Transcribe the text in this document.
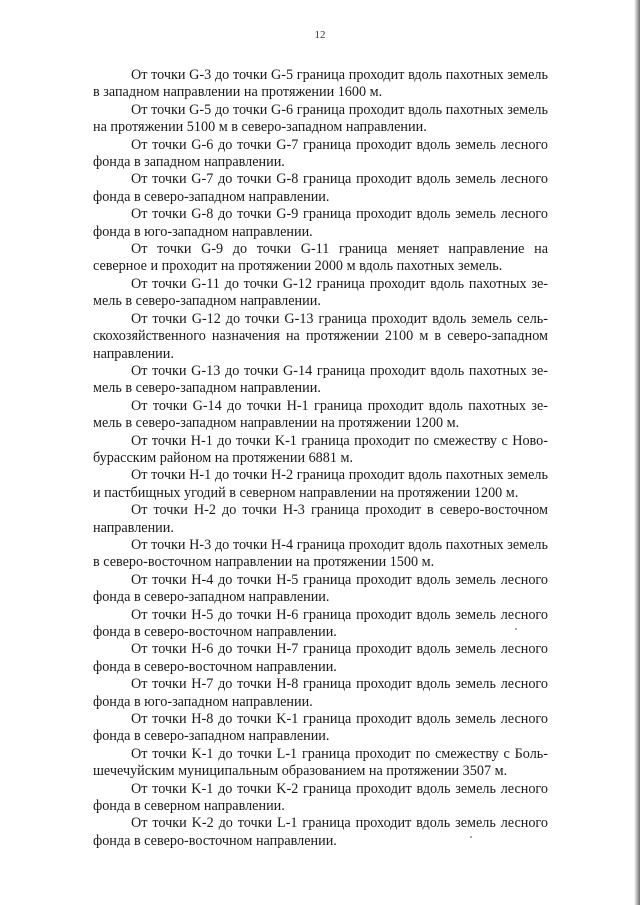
12

От точки G-3 до точки G-5 граница проходит вдоль пахотных земель в западном направлении на протяжении 1600 м.

От точки G-5 до точки G-6 граница проходит вдоль пахотных земель на протяжении 5100 м в северо-западном направлении.

От точки G-6 до точки G-7 граница проходит вдоль земель лесного фонда в западном направлении.

От точки G-7 до точки G-8 граница проходит вдоль земель лесного фонда в северо-западном направлении.

От точки G-8 до точки G-9 граница проходит вдоль земель лесного фонда в юго-западном направлении.

От точки G-9 до точки G-11 граница меняет направление на северное и проходит на протяжении 2000 м вдоль пахотных земель.

От точки G-11 до точки G-12 граница проходит вдоль пахотных земель в северо-западном направлении.

От точки G-12 до точки G-13 граница проходит вдоль земель сельскохозяйственного назначения на протяжении 2100 м в северо-западном направлении.

От точки G-13 до точки G-14 граница проходит вдоль пахотных земель в северо-западном направлении.

От точки G-14 до точки H-1 граница проходит вдоль пахотных земель в северо-западном направлении на протяжении 1200 м.

От точки H-1 до точки K-1 граница проходит по смежеству с Новобурасским районом на протяжении 6881 м.

От точки H-1 до точки H-2 граница проходит вдоль пахотных земель и пастбищных угодий в северном направлении на протяжении 1200 м.

От точки H-2 до точки H-3 граница проходит в северо-восточном направлении.

От точки H-3 до точки H-4 граница проходит вдоль пахотных земель в северо-восточном направлении на протяжении 1500 м.

От точки H-4 до точки H-5 граница проходит вдоль земель лесного фонда в северо-западном направлении.

От точки H-5 до точки H-6 граница проходит вдоль земель лесного фонда в северо-восточном направлении.

От точки H-6 до точки H-7 граница проходит вдоль земель лесного фонда в северо-восточном направлении.

От точки H-7 до точки H-8 граница проходит вдоль земель лесного фонда в юго-западном направлении.

От точки H-8 до точки K-1 граница проходит вдоль земель лесного фонда в северо-западном направлении.

От точки K-1 до точки L-1 граница проходит по смежеству с Большечечуйским муниципальным образованием на протяжении 3507 м.

От точки K-1 до точки K-2 граница проходит вдоль земель лесного фонда в северном направлении.

От точки K-2 до точки L-1 граница проходит вдоль земель лесного фонда в северо-восточном направлении.
